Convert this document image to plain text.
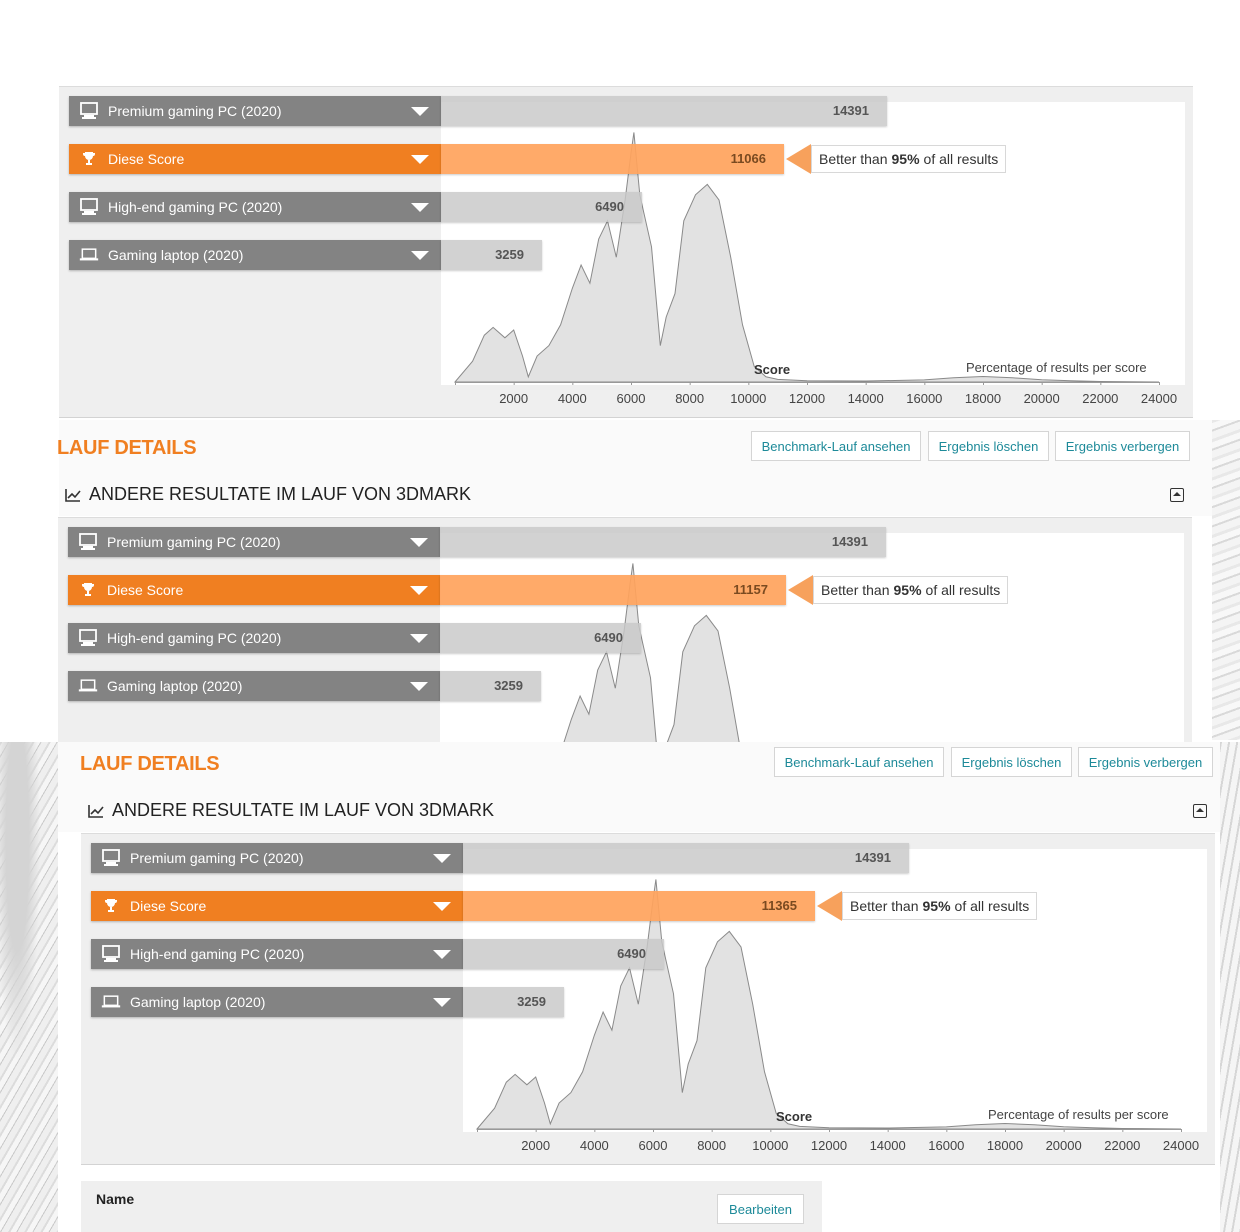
Premium gaming PC (2020)	14391
Diese Score	11066	Better than 95% of all results
High-end gaming PC (2020)	6490
Gaming laptop (2020)	3259
Score	Percentage of results per score
2000	4000	6000	8000	10000	12000	14000	16000	18000	20000	22000	24000
LAUF DETAILS	Benchmark-Lauf ansehen	Ergebnis löschen	Ergebnis verbergen
ANDERE RESULTATE IM LAUF VON 3DMARK
Premium gaming PC (2020)	14391
Diese Score	11157	Better than 95% of all results
High-end gaming PC (2020)	6490
Gaming laptop (2020)	3259
LAUF DETAILS	Benchmark-Lauf ansehen	Ergebnis löschen	Ergebnis verbergen
ANDERE RESULTATE IM LAUF VON 3DMARK
Premium gaming PC (2020)	14391
Diese Score	11365	Better than 95% of all results
High-end gaming PC (2020)	6490
Gaming laptop (2020)	3259
Score	Percentage of results per score
2000	4000	6000	8000	10000	12000	14000	16000	18000	20000	22000	24000
Name
Bearbeiten
